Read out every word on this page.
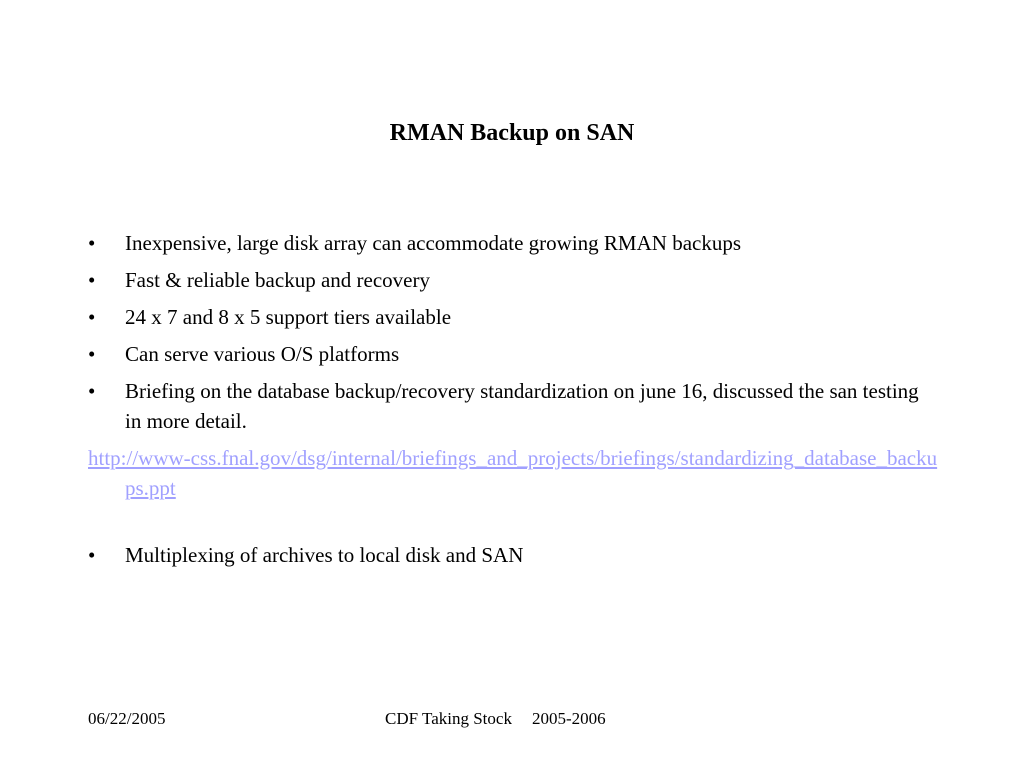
RMAN Backup on SAN
• Inexpensive, large disk array can accommodate growing RMAN backups
• Fast & reliable backup and recovery
• 24 x 7 and 8 x 5 support tiers available
• Can serve various O/S platforms
• Briefing on the database backup/recovery standardization on june 16, discussed the san testing in more detail.
http://www-css.fnal.gov/dsg/internal/briefings_and_projects/briefings/standardizing_database_backups.ppt
• Multiplexing of archives to local disk and SAN
06/22/2005	CDF Taking Stock 2005-2006
